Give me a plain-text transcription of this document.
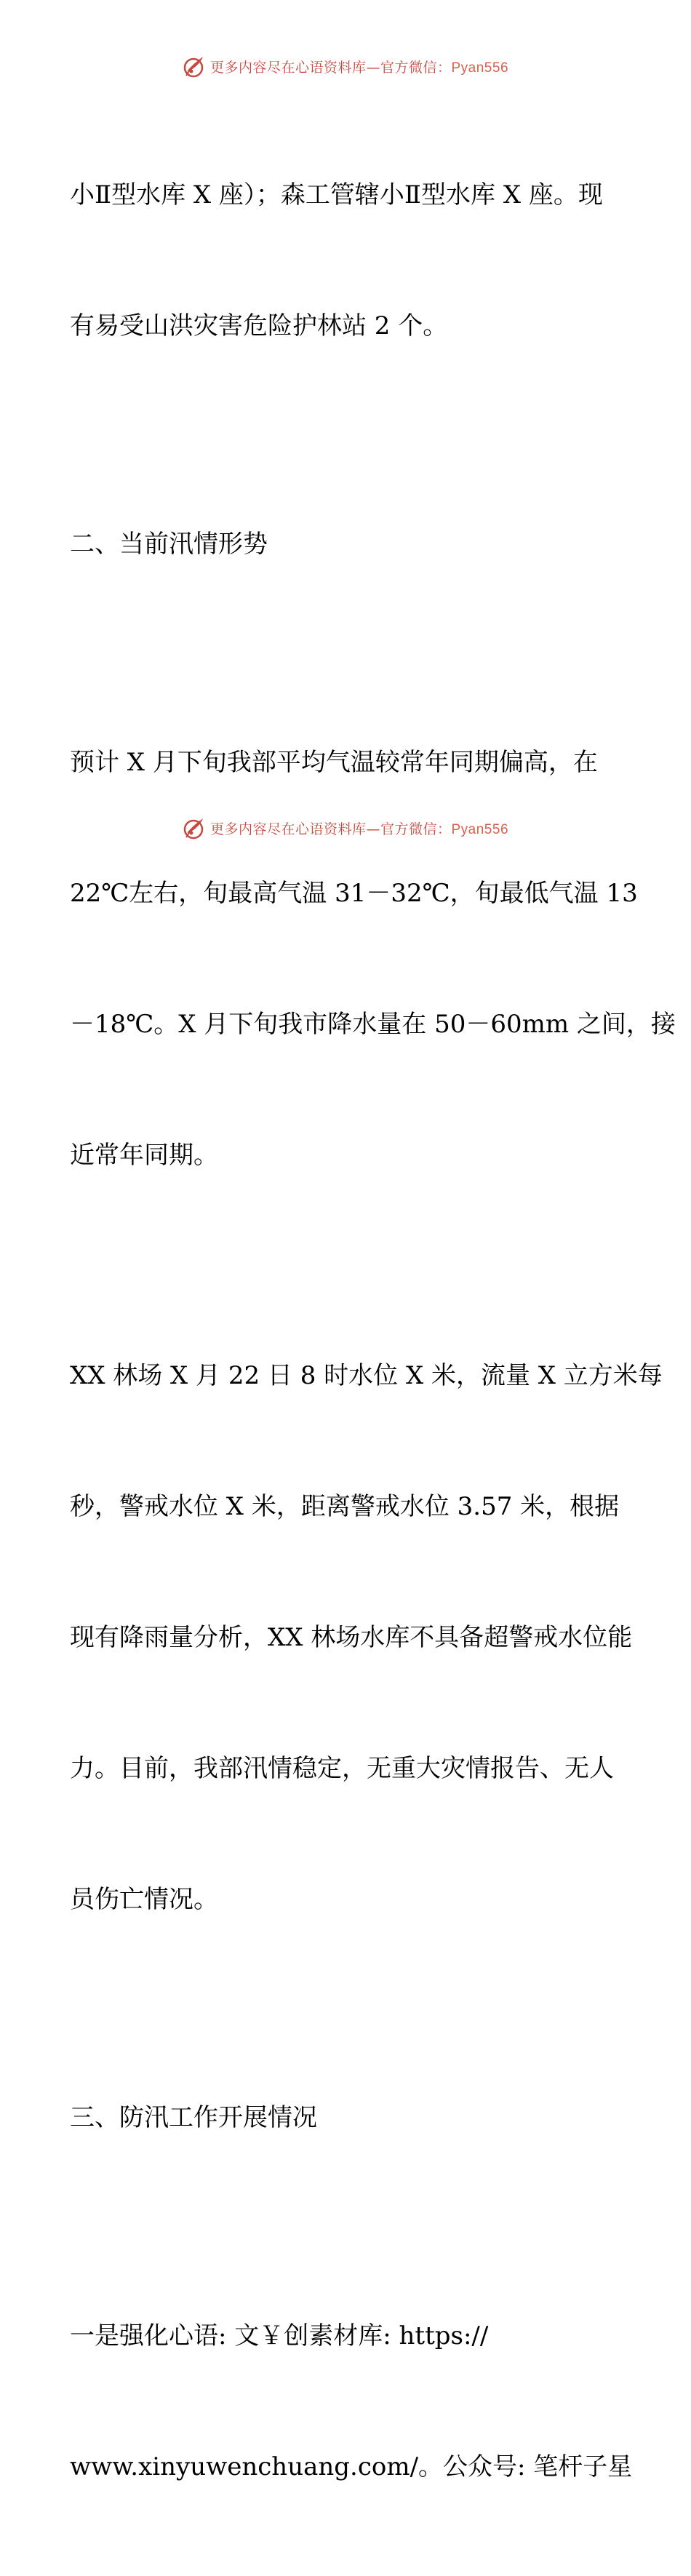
更多内容尽在心语资料库—官方微信：Pyan556

小Ⅱ型水库 X 座）；森工管辖小Ⅱ型水库 X 座。现

有易受山洪灾害危险护林站 2 个。

二、当前汛情形势

预计 X 月下旬我部平均气温较常年同期偏高，在

22℃左右，旬最高气温 31－32℃，旬最低气温 13

－18℃。X 月下旬我市降水量在 50－60mm 之间，接

近常年同期。

XX 林场 X 月 22 日 8 时水位 X 米，流量 X 立方米每

秒，警戒水位 X 米，距离警戒水位 3.57 米，根据

现有降雨量分析，XX 林场水库不具备超警戒水位能

力。目前，我部汛情稳定，无重大灾情报告、无人

员伤亡情况。

三、防汛工作开展情况

一是强化心语: 文￥创素材库: https://

www.xinyuwenchuang.com/。公众号: 笔杆子星

更多内容尽在心语资料库—官方微信：Pyan556
